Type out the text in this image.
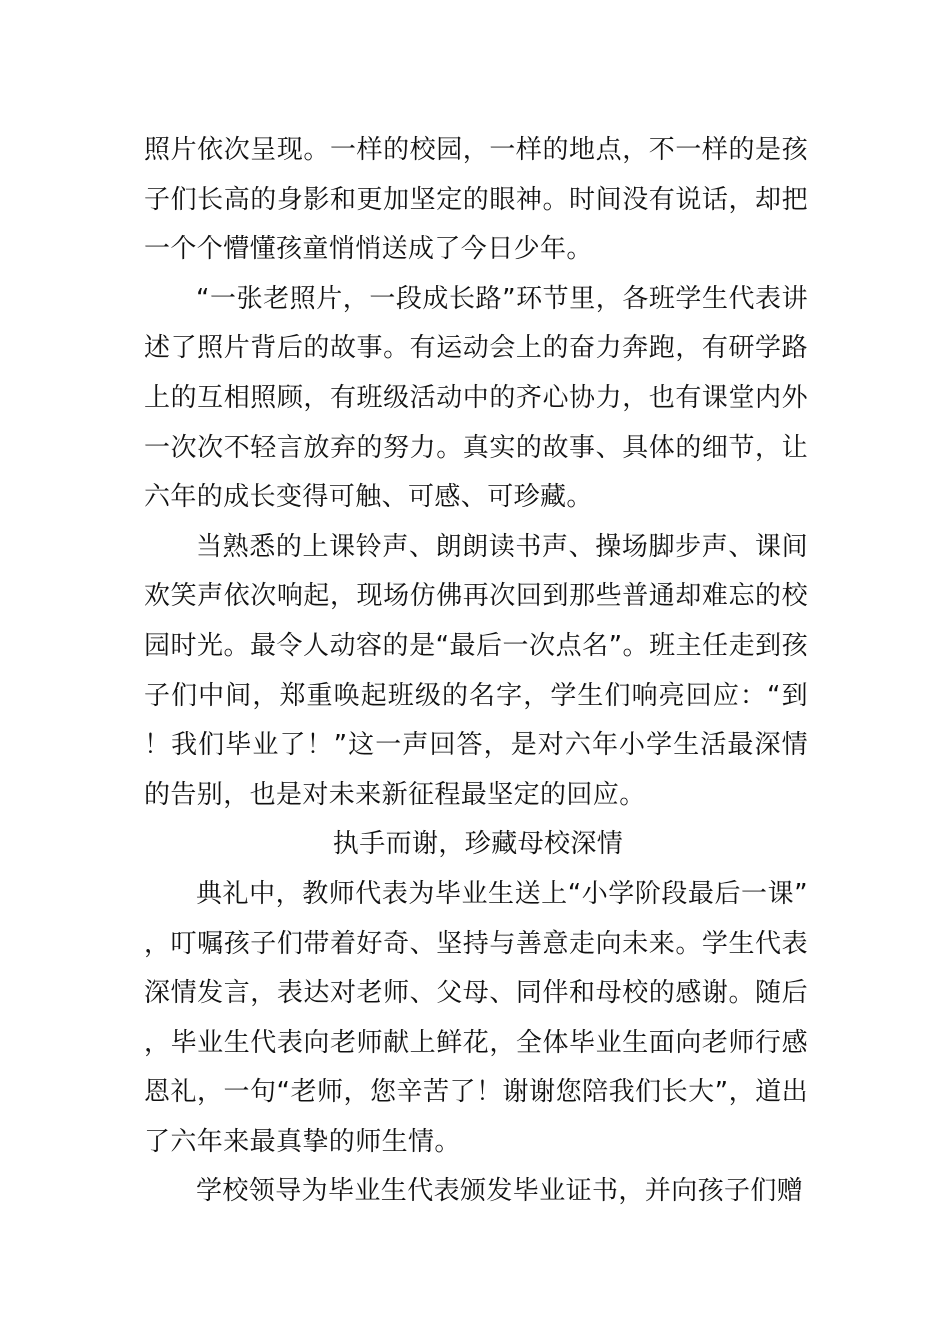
照片依次呈现。一样的校园，一样的地点，不一样的是孩子们长高的身影和更加坚定的眼神。时间没有说话，却把一个个懵懂孩童悄悄送成了今日少年。

“一张老照片，一段成长路”环节里，各班学生代表讲述了照片背后的故事。有运动会上的奋力奔跑，有研学路上的互相照顾，有班级活动中的齐心协力，也有课堂内外一次次不轻言放弃的努力。真实的故事、具体的细节，让六年的成长变得可触、可感、可珍藏。

当熟悉的上课铃声、朗朗读书声、操场脚步声、课间欢笑声依次响起，现场仿佛再次回到那些普通却难忘的校园时光。最令人动容的是“最后一次点名”。班主任走到孩子们中间，郑重唤起班级的名字，学生们响亮回应：“到！我们毕业了！”这一声回答，是对六年小学生活最深情的告别，也是对未来新征程最坚定的回应。

执手而谢，珍藏母校深情

典礼中，教师代表为毕业生送上“小学阶段最后一课”，叮嘱孩子们带着好奇、坚持与善意走向未来。学生代表深情发言，表达对老师、父母、同伴和母校的感谢。随后，毕业生代表向老师献上鲜花，全体毕业生面向老师行感恩礼，一句“老师，您辛苦了！谢谢您陪我们长大”，道出了六年来最真挚的师生情。

学校领导为毕业生代表颁发毕业证书，并向孩子们赠
